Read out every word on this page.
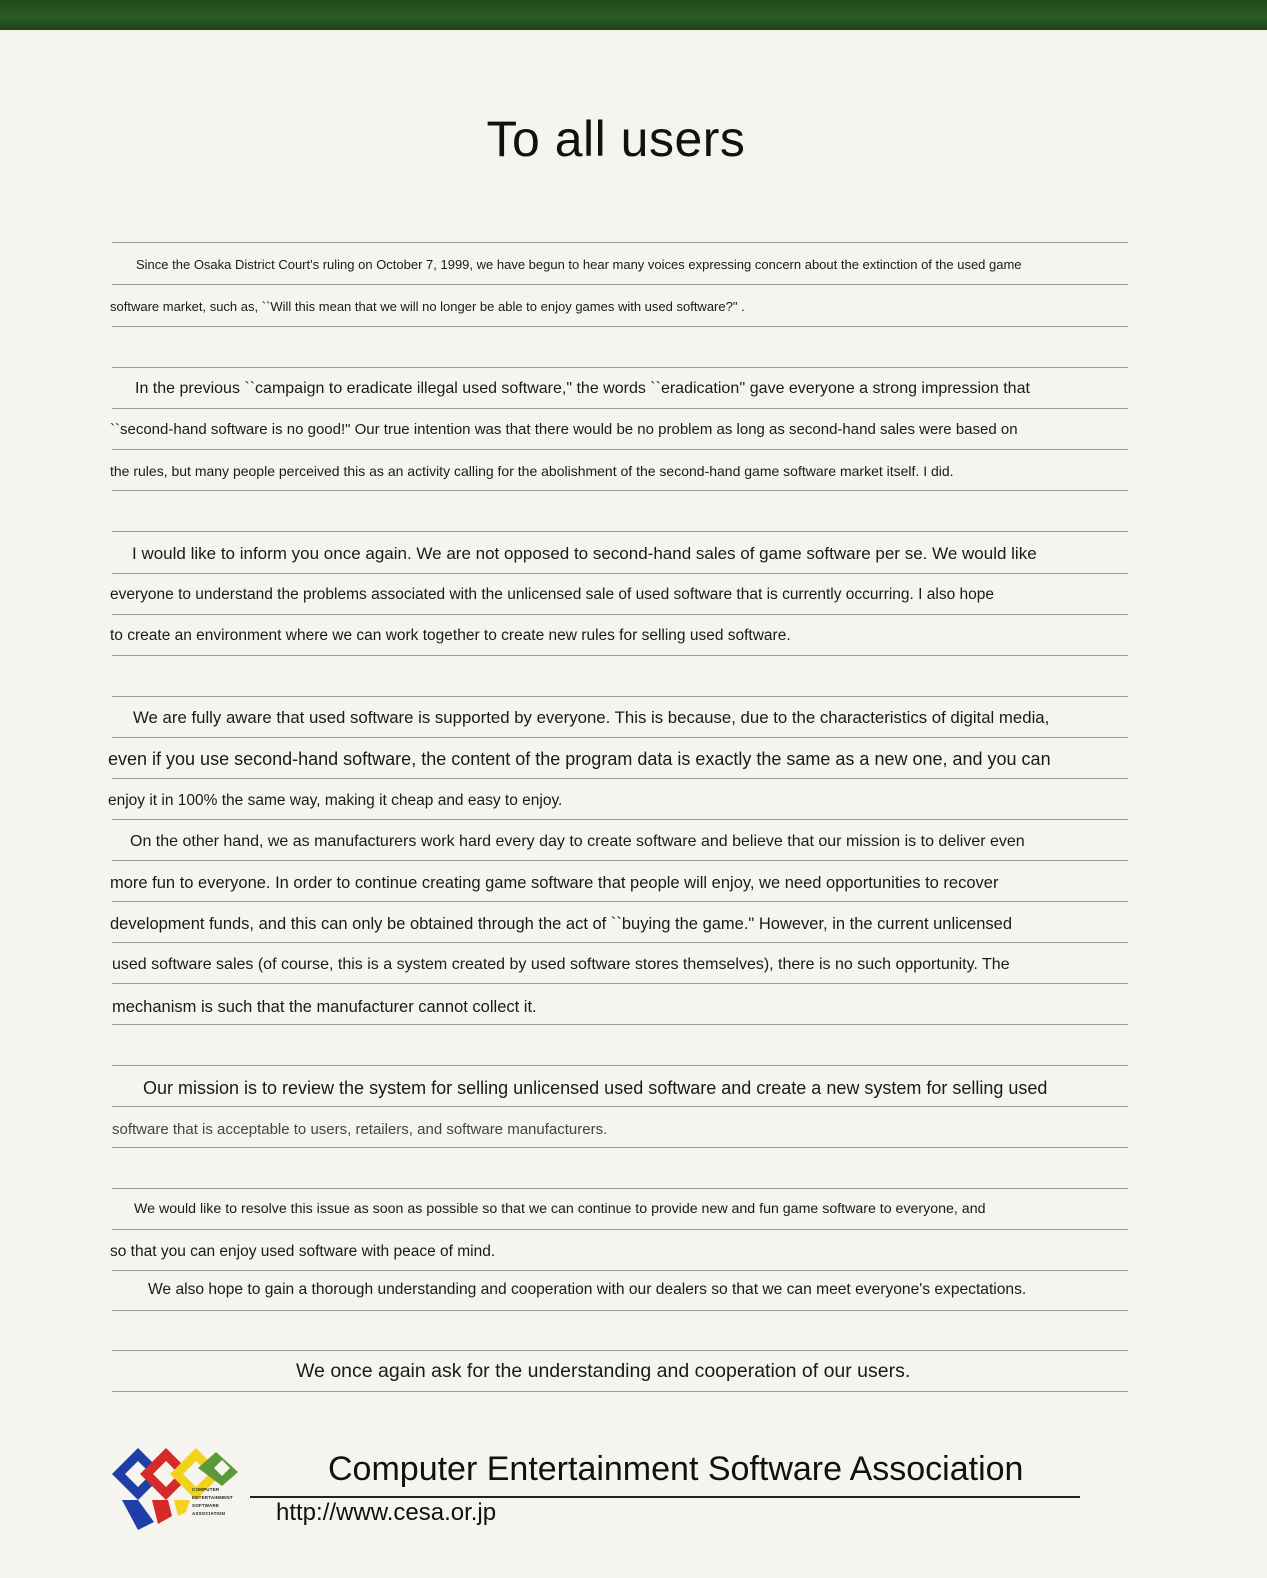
To all users
Since the Osaka District Court's ruling on October 7, 1999, we have begun to hear many voices expressing concern about the extinction of the used game
software market, such as, ``Will this mean that we will no longer be able to enjoy games with used software?" .
In the previous ``campaign to eradicate illegal used software," the words ``eradication'' gave everyone a strong impression that
``second-hand software is no good!" Our true intention was that there would be no problem as long as second-hand sales were based on
the rules, but many people perceived this as an activity calling for the abolishment of the second-hand game software market itself. I did.
I would like to inform you once again. We are not opposed to second-hand sales of game software per se. We would like
everyone to understand the problems associated with the unlicensed sale of used software that is currently occurring. I also hope
to create an environment where we can work together to create new rules for selling used software.
We are fully aware that used software is supported by everyone. This is because, due to the characteristics of digital media,
even if you use second-hand software, the content of the program data is exactly the same as a new one, and you can
enjoy it in 100% the same way, making it cheap and easy to enjoy.
On the other hand, we as manufacturers work hard every day to create software and believe that our mission is to deliver even
more fun to everyone. In order to continue creating game software that people will enjoy, we need opportunities to recover
development funds, and this can only be obtained through the act of ``buying the game." However, in the current unlicensed
used software sales (of course, this is a system created by used software stores themselves), there is no such opportunity. The
mechanism is such that the manufacturer cannot collect it.
Our mission is to review the system for selling unlicensed used software and create a new system for selling used
software that is acceptable to users, retailers, and software manufacturers.
We would like to resolve this issue as soon as possible so that we can continue to provide new and fun game software to everyone, and
so that you can enjoy used software with peace of mind.
We also hope to gain a thorough understanding and cooperation with our dealers so that we can meet everyone's expectations.
We once again ask for the understanding and cooperation of our users.
COMPUTER ENTERTAINMENT SOFTWARE ASSOCIATION
Computer Entertainment Software Association
http://www.cesa.or.jp
